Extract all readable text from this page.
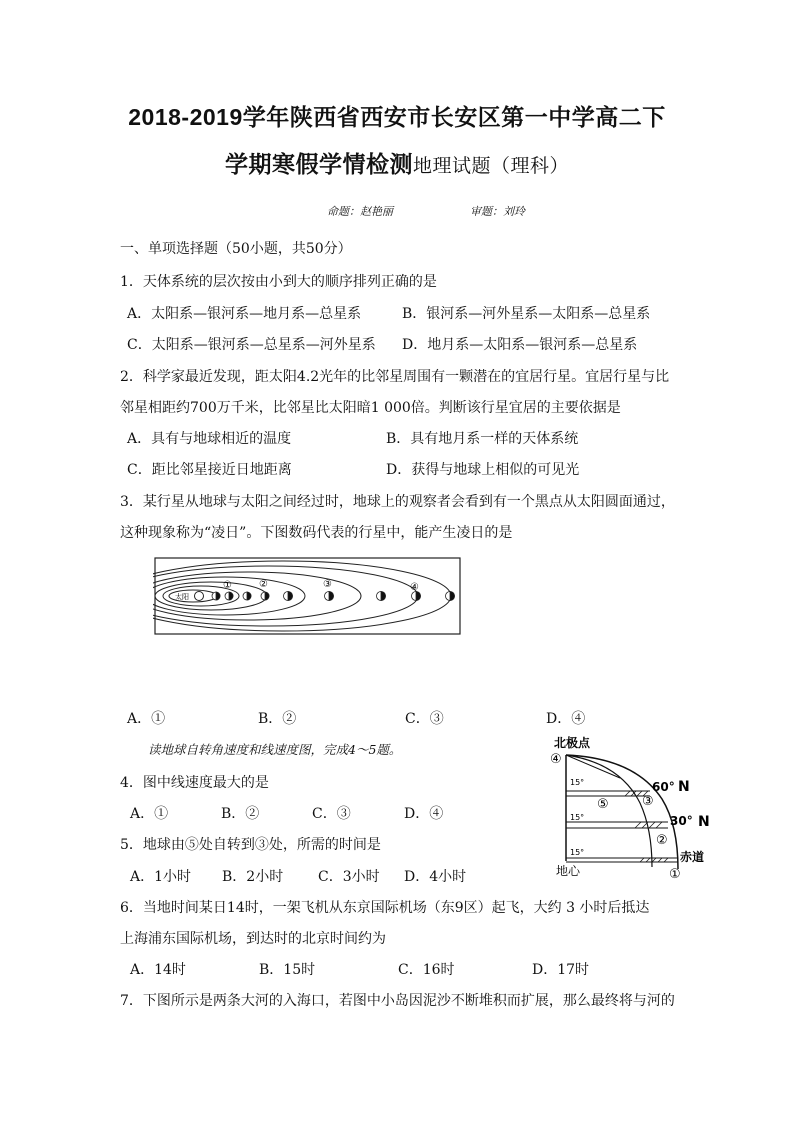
2018-2019学年陕西省西安市长安区第一中学高二下
学期寒假学情检测地理试题（理科）
命题：赵艳丽	审题：刘玲
一、单项选择题（50小题，共50分）
1．天体系统的层次按由小到大的顺序排列正确的是
A．太阳系—银河系—地月系—总星系	B．银河系—河外星系—太阳系—总星系
C．太阳系—银河系—总星系—河外星系 D．地月系—太阳系—银河系—总星系
2．科学家最近发现，距太阳4.2光年的比邻星周围有一颗潜在的宜居行星。宜居行星与比
邻星相距约700万千米，比邻星比太阳暗1 000倍。判断该行星宜居的主要依据是
A．具有与地球相近的温度	B．具有地月系一样的天体系统
C．距比邻星接近日地距离	D．获得与地球上相似的可见光
3．某行星从地球与太阳之间经过时，地球上的观察者会看到有一个黑点从太阳圆面通过，
这种现象称为“凌日”。下图数码代表的行星中，能产生凌日的是
太阳
①	②	③	④
A．①	B．②	C．③	D．④
读地球自转角速度和线速度图，完成4～5题。
4．图中线速度最大的是
A．①	B．②	C．③	D．④
5．地球由⑤处自转到③处，所需的时间是
A．1小时 B．2小时 C．3小时 D．4小时
北极点
15°
15°
15°
④
⑤	③
②
①
60° N
30° N
赤道
地心
6．当地时间某日14时，一架飞机从东京国际机场（东9区）起飞，大约 3 小时后抵达
上海浦东国际机场，到达时的北京时间约为
A．14时	B．15时	C．16时	D．17时
7．下图所示是两条大河的入海口，若图中小岛因泥沙不断堆积而扩展，那么最终将与河的
